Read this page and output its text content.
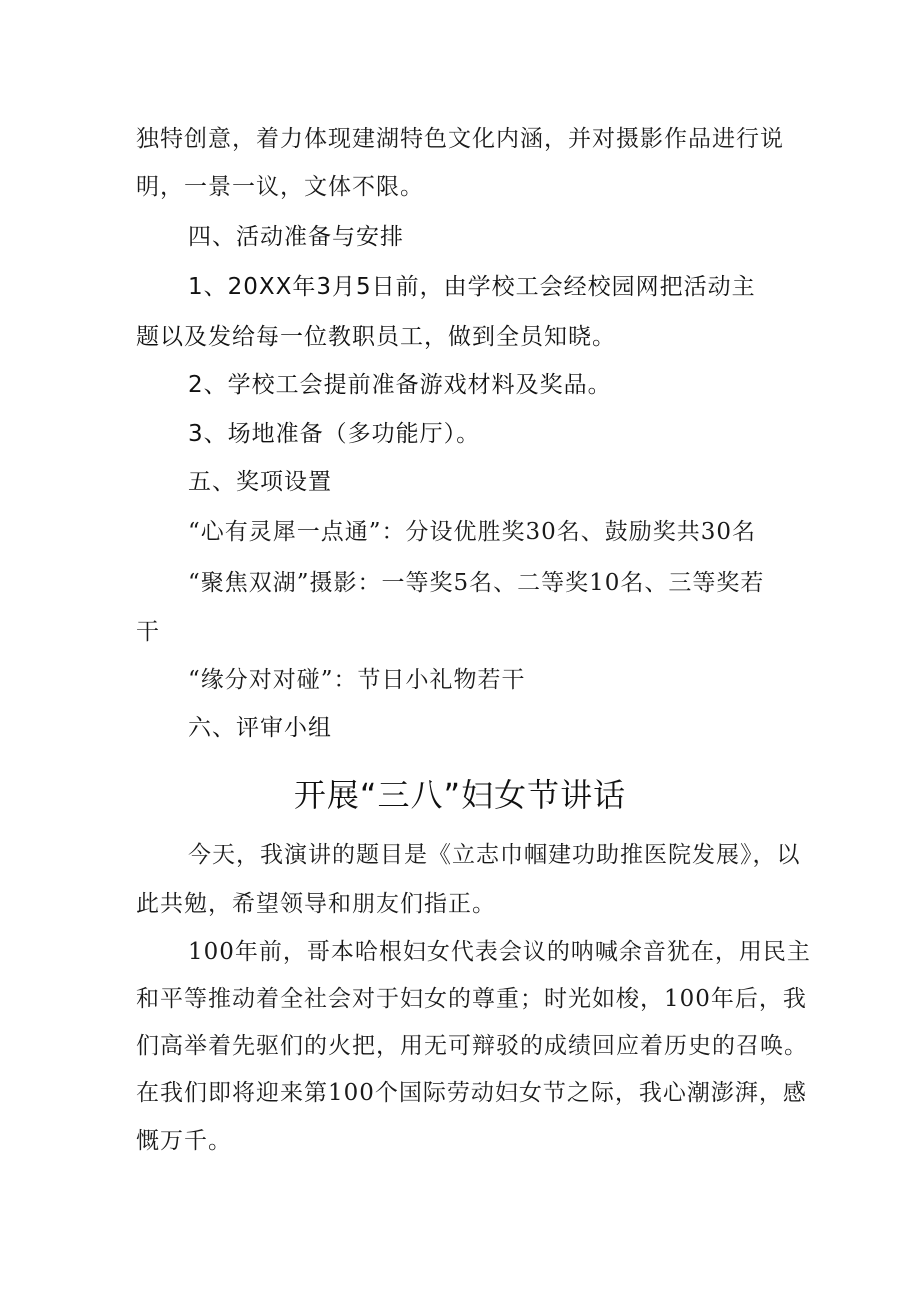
独特创意，着力体现建湖特色文化内涵，并对摄影作品进行说
明，一景一议，文体不限。
四、活动准备与安排
1、20XX年3月5日前，由学校工会经校园网把活动主
题以及发给每一位教职员工，做到全员知晓。
2、学校工会提前准备游戏材料及奖品。
3、场地准备（多功能厅）。
五、奖项设置
“心有灵犀一点通”：分设优胜奖30名、鼓励奖共30名
“聚焦双湖”摄影：一等奖5名、二等奖10名、三等奖若
干
“缘分对对碰”：节日小礼物若干
六、评审小组
开展“三八”妇女节讲话
今天，我演讲的题目是《立志巾帼建功助推医院发展》，以
此共勉，希望领导和朋友们指正。
100年前，哥本哈根妇女代表会议的呐喊余音犹在，用民主
和平等推动着全社会对于妇女的尊重；时光如梭，100年后，我
们高举着先驱们的火把，用无可辩驳的成绩回应着历史的召唤。
在我们即将迎来第100个国际劳动妇女节之际，我心潮澎湃，感
慨万千。
